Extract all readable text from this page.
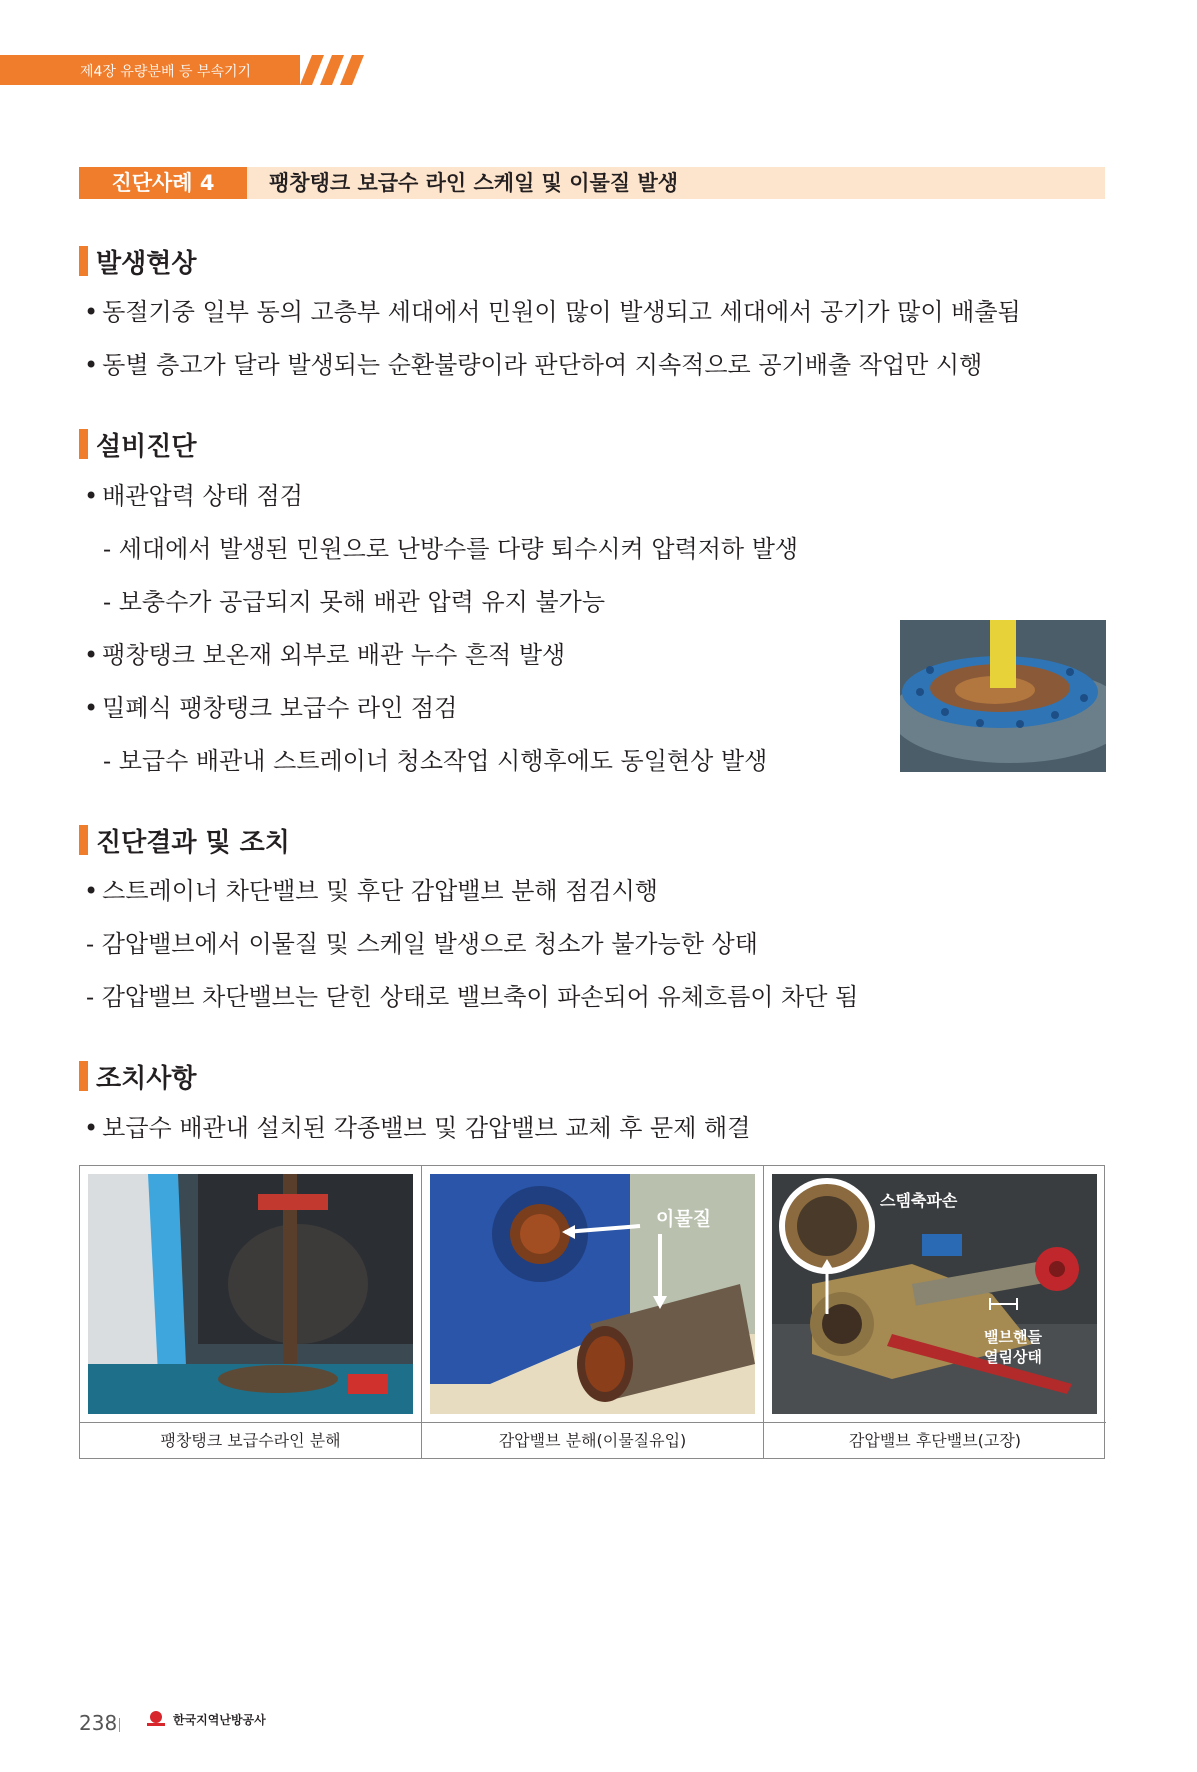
제4장 유량분배 등 부속기기
진단사례 4	팽창탱크 보급수 라인 스케일 및 이물질 발생
발생현상
• 동절기중 일부 동의 고층부 세대에서 민원이 많이 발생되고 세대에서 공기가 많이 배출됨
• 동별 층고가 달라 발생되는 순환불량이라 판단하여 지속적으로 공기배출 작업만 시행
설비진단
• 배관압력 상태 점검
- 세대에서 발생된 민원으로 난방수를 다량 퇴수시켜 압력저하 발생
- 보충수가 공급되지 못해 배관 압력 유지 불가능
• 팽창탱크 보온재 외부로 배관 누수 흔적 발생
• 밀폐식 팽창탱크 보급수 라인 점검
- 보급수 배관내 스트레이너 청소작업 시행후에도 동일현상 발생
진단결과 및 조치
• 스트레이너 차단밸브 및 후단 감압밸브 분해 점검시행
- 감압밸브에서 이물질 및 스케일 발생으로 청소가 불가능한 상태
- 감압밸브 차단밸브는 닫힌 상태로 밸브축이 파손되어 유체흐름이 차단 됨
조치사항
• 보급수 배관내 설치된 각종밸브 및 감압밸브 교체 후 문제 해결
팽창탱크 보급수라인 분해
이물질
감압밸브 분해(이물질유입)
스템축파손
밸브핸들
열림상태
감압밸브 후단밸브(고장)
238	한국지역난방공사
